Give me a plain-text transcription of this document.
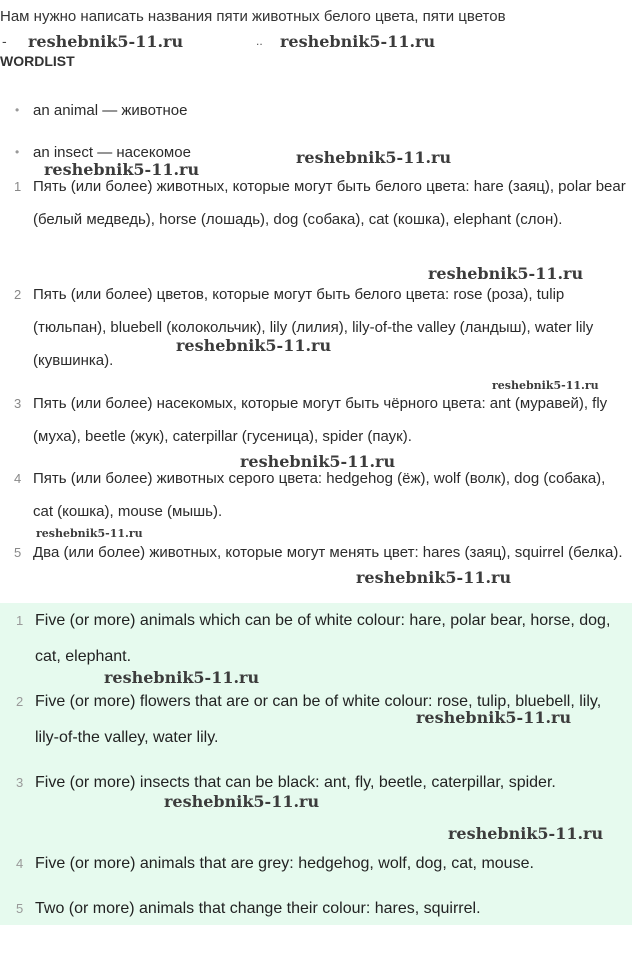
Нам нужно написать названия пяти животных белого цвета, пяти цветов
-	..
WORDLIST
• an animal — животное
• an insect — насекомое
1 Пять (или более) животных, которые могут быть белого цвета: hare (заяц), polar bear (белый медведь), horse (лошадь), dog (собака), cat (кошка), elephant (слон).
2 Пять (или более) цветов, которые могут быть белого цвета: rose (роза), tulip (тюльпан), bluebell (колокольчик), lily (лилия), lily-of-the valley (ландыш), water lily (кувшинка).
3 Пять (или более) насекомых, которые могут быть чёрного цвета: ant (муравей), fly (муха), beetle (жук), caterpillar (гусеница), spider (паук).
4 Пять (или более) животных серого цвета: hedgehog (ёж), wolf (волк), dog (собака), cat (кошка), mouse (мышь).
5 Два (или более) животных, которые могут менять цвет: hares (заяц), squirrel (белка).
1 Five (or more) animals which can be of white colour: hare, polar bear, horse, dog, cat, elephant.
2 Five (or more) flowers that are or can be of white colour: rose, tulip, bluebell, lily, lily-of-the valley, water lily.
3 Five (or more) insects that can be black: ant, fly, beetle, caterpillar, spider.
4 Five (or more) animals that are grey: hedgehog, wolf, dog, cat, mouse.
5 Two (or more) animals that change their colour: hares, squirrel.
reshebnik5-11.ru	reshebnik5-11.ru
reshebnik5-11.ru
reshebnik5-11.ru
reshebnik5-11.ru
reshebnik5-11.ru
reshebnik5-11.ru
reshebnik5-11.ru
reshebnik5-11.ru
reshebnik5-11.ru
reshebnik5-11.ru
reshebnik5-11.ru
reshebnik5-11.ru
reshebnik5-11.ru
